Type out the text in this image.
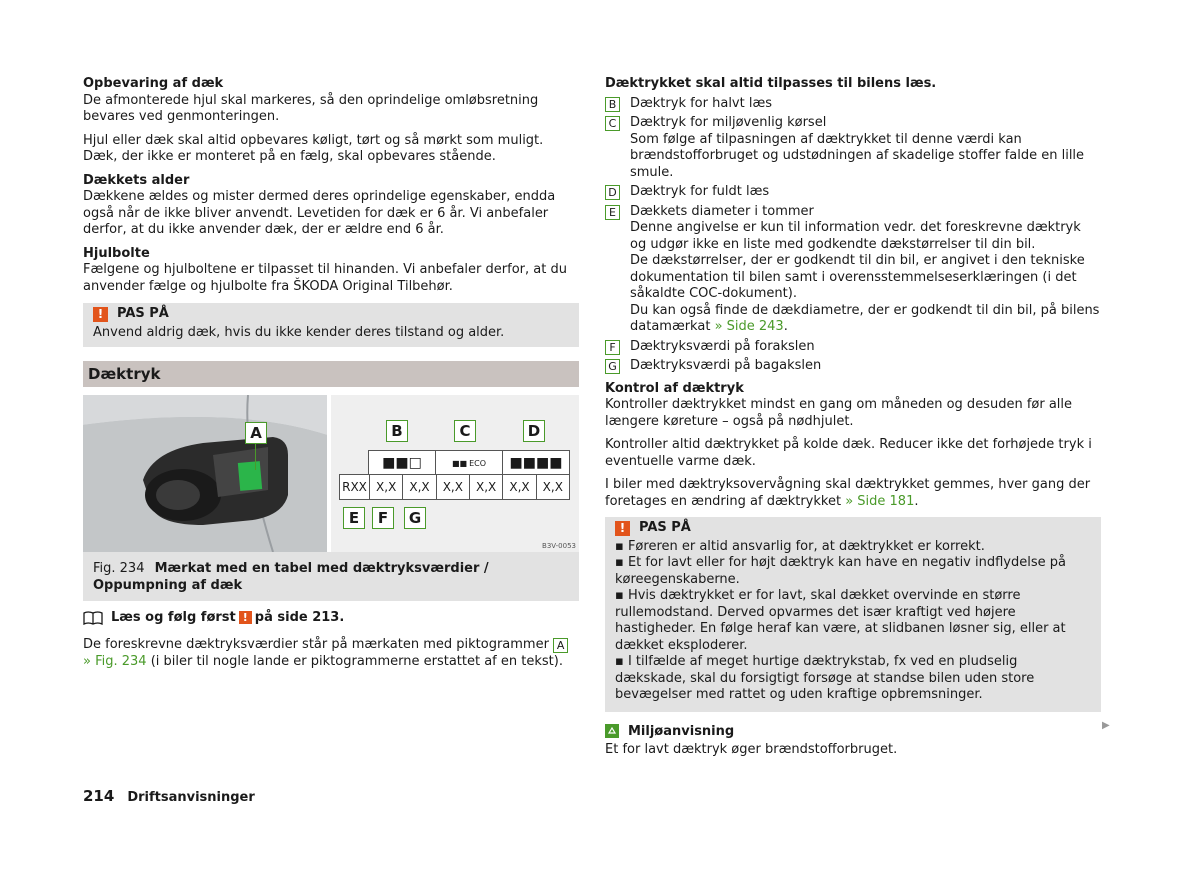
Opbevaring af dæk

De afmonterede hjul skal markeres, så den oprindelige omløbsretning bevares ved genmonteringen.

Hjul eller dæk skal altid opbevares køligt, tørt og så mørkt som muligt. Dæk, der ikke er monteret på en fælg, skal opbevares stående.

Dækkets alder

Dækkene ældes og mister dermed deres oprindelige egenskaber, endda også når de ikke bliver anvendt. Levetiden for dæk er 6 år. Vi anbefaler derfor, at du ikke anvender dæk, der er ældre end 6 år.

Hjulbolte

Fælgene og hjulboltene er tilpasset til hinanden. Vi anbefaler derfor, at du anvender fælge og hjulbolte fra ŠKODA Original Tilbehør.

!	PAS PÅ
Anvend aldrig dæk, hvis du ikke kender deres tilstand og alder.
Dæktryk
A	B	C	D
■■□	■■ ECO	■■■■
RXX X,X	X,X	X,X	X,X	X,X	X,X
E	F	G
B3V-0053
Fig. 234 Mærkat med en tabel med dæktryksværdier / Oppumpning af dæk
Læs og følg først ! på side 213.

De foreskrevne dæktryksværdier står på mærkaten med piktogrammer A
» Fig. 234 (i biler til nogle lande er piktogrammerne erstattet af en tekst).

Dæktrykket skal altid tilpasses til bilens læs.

B Dæktryk for halvt læs
C Dæktryk for miljøvenlig kørsel
Som følge af tilpasningen af dæktrykket til denne værdi kan brændstofforbruget og udstødningen af skadelige stoffer falde en lille smule.
D Dæktryk for fuldt læs
E	Dækkets diameter i tommer
Denne angivelse er kun til information vedr. det foreskrevne dæktryk og udgør ikke en liste med godkendte dækstørrelser til din bil.
De dækstørrelser, der er godkendt til din bil, er angivet i den tekniske dokumentation til bilen samt i overensstemmelseserklæringen (i det såkaldte COC-dokument).
Du kan også finde de dækdiametre, der er godkendt til din bil, på bilens datamærkat » Side 243.
F	Dæktryksværdi på forakslen
G Dæktryksværdi på bagakslen

Kontrol af dæktryk

Kontroller dæktrykket mindst en gang om måneden og desuden før alle længere køreture – også på nødhjulet.

Kontroller altid dæktrykket på kolde dæk. Reducer ikke det forhøjede tryk i eventuelle varme dæk.

I biler med dæktryksovervågning skal dæktrykket gemmes, hver gang der foretages en ændring af dæktrykket » Side 181.

!	PAS PÅ

▪ Føreren er altid ansvarlig for, at dæktrykket er korrekt.

▪ Et for lavt eller for højt dæktryk kan have en negativ indflydelse på køreegenskaberne.

▪ Hvis dæktrykket er for lavt, skal dækket overvinde en større rullemodstand. Derved opvarmes det især kraftigt ved højere hastigheder. En følge heraf kan være, at slidbanen løsner sig, eller at dækket eksploderer.

▪ I tilfælde af meget hurtige dæktrykstab, fx ved en pludselig dækskade, skal du forsigtigt forsøge at standse bilen uden store bevægelser med rattet og uden kraftige opbremsninger.

Miljøanvisning

Et for lavt dæktryk øger brændstofforbruget.

▶
214 Driftsanvisninger
